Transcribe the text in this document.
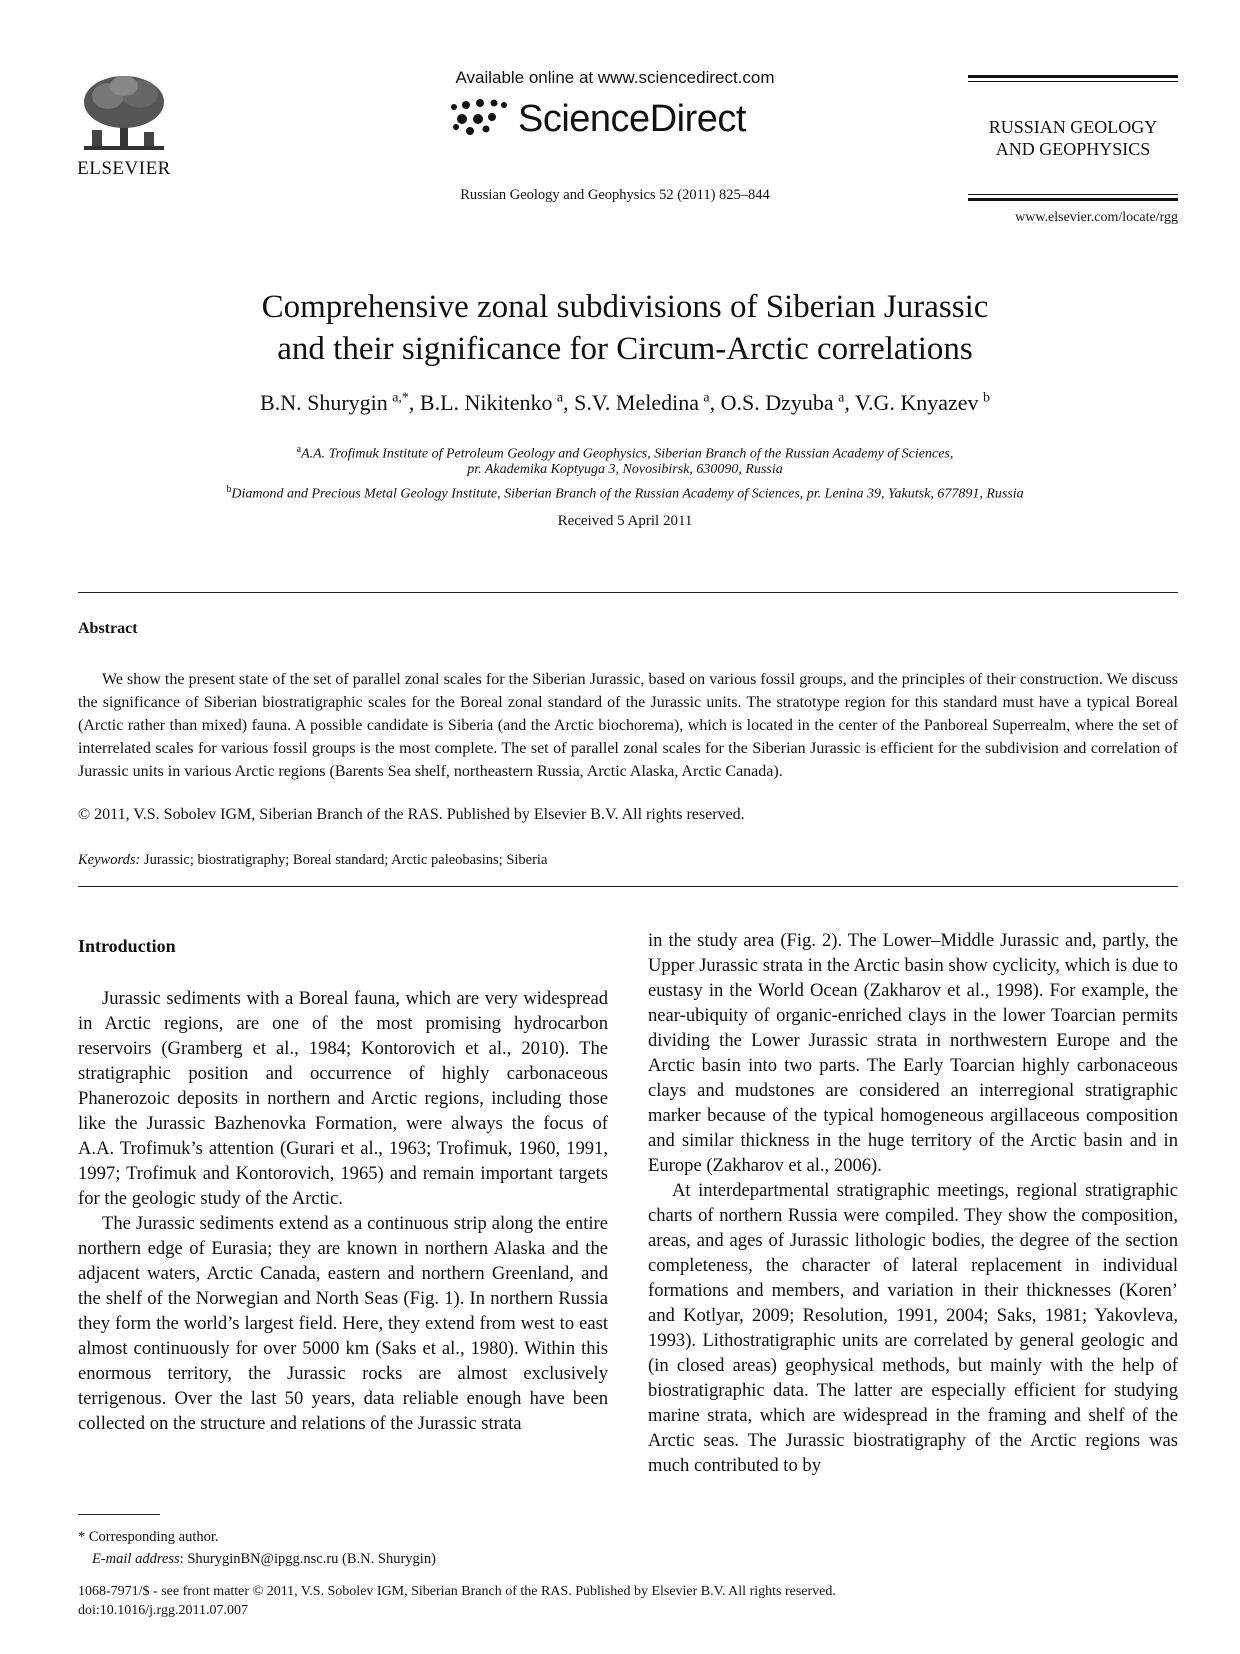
ELSEVIER
Available online at www.sciencedirect.com
ScienceDirect
Russian Geology and Geophysics 52 (2011) 825–844
RUSSIAN GEOLOGY
AND GEOPHYSICS
www.elsevier.com/locate/rgg
Comprehensive zonal subdivisions of Siberian Jurassic
and their significance for Circum-Arctic correlations
B.N. Shurygin  $^{a,*}$, B.L. Nikitenko  $^a$, S.V. Meledina  $^a$, O.S. Dzyuba  $^a$, V.G. Knyazev  $^b$
$^a$A.A. Trofimuk Institute of Petroleum Geology and Geophysics, Siberian Branch of the Russian Academy of Sciences,
pr. Akademika Koptyuga 3, Novosibirsk, 630090, Russia
$^b$Diamond and Precious Metal Geology Institute, Siberian Branch of the Russian Academy of Sciences, pr. Lenina 39, Yakutsk, 677891, Russia
Received 5 April 2011
Abstract
We show the present state of the set of parallel zonal scales for the Siberian Jurassic, based on various fossil groups, and the principles of their construction. We discuss the significance of Siberian biostratigraphic scales for the Boreal zonal standard of the Jurassic units. The stratotype region for this standard must have a typical Boreal (Arctic rather than mixed) fauna. A possible candidate is Siberia (and the Arctic biochorema), which is located in the center of the Panboreal Superrealm, where the set of interrelated scales for various fossil groups is the most complete. The set of parallel zonal scales for the Siberian Jurassic is efficient for the subdivision and correlation of Jurassic units in various Arctic regions (Barents Sea shelf, northeastern Russia, Arctic Alaska, Arctic Canada).
© 2011, V.S. Sobolev IGM, Siberian Branch of the RAS. Published by Elsevier B.V. All rights reserved.
Keywords: Jurassic; biostratigraphy; Boreal standard; Arctic paleobasins; Siberia
Introduction

Jurassic sediments with a Boreal fauna, which are very widespread in Arctic regions, are one of the most promising hydrocarbon reservoirs (Gramberg et al., 1984; Kontorovich et al., 2010). The stratigraphic position and occurrence of highly carbonaceous Phanerozoic deposits in northern and Arctic regions, including those like the Jurassic Bazhenovka Formation, were always the focus of A.A. Trofimuk’s attention (Gurari et al., 1963; Trofimuk, 1960, 1991, 1997; Trofimuk and Kontorovich, 1965) and remain important targets for the geologic study of the Arctic.

The Jurassic sediments extend as a continuous strip along the entire northern edge of Eurasia; they are known in northern Alaska and the adjacent waters, Arctic Canada, eastern and northern Greenland, and the shelf of the Norwegian and North Seas (Fig. 1). In northern Russia they form the world’s largest field. Here, they extend from west to east almost continuously for over 5000 km (Saks et al., 1980). Within this enormous territory, the Jurassic rocks are almost exclusively terrigenous. Over the last 50 years, data reliable enough have been collected on the structure and relations of the Jurassic strata

in the study area (Fig. 2). The Lower–Middle Jurassic and, partly, the Upper Jurassic strata in the Arctic basin show cyclicity, which is due to eustasy in the World Ocean (Zakharov et al., 1998). For example, the near-ubiquity of organic-enriched clays in the lower Toarcian permits dividing the Lower Jurassic strata in northwestern Europe and the Arctic basin into two parts. The Early Toarcian highly carbonaceous clays and mudstones are considered an interregional stratigraphic marker because of the typical homogeneous argillaceous composition and similar thickness in the huge territory of the Arctic basin and in Europe (Zakharov et al., 2006).

At interdepartmental stratigraphic meetings, regional stratigraphic charts of northern Russia were compiled. They show the composition, areas, and ages of Jurassic lithologic bodies, the degree of the section completeness, the character of lateral replacement in individual formations and members, and variation in their thicknesses (Koren’ and Kotlyar, 2009; Resolution, 1991, 2004; Saks, 1981; Yakovleva, 1993). Lithostratigraphic units are correlated by general geologic and (in closed areas) geophysical methods, but mainly with the help of biostratigraphic data. The latter are especially efficient for studying marine strata, which are widespread in the framing and shelf of the Arctic seas. The Jurassic biostratigraphy of the Arctic regions was much contributed to by

* Corresponding author.
E-mail address: ShuryginBN@ipgg.nsc.ru (B.N. Shurygin)
1068-7971/$ - see front matter © 2011, V.S. Sobolev IGM, Siberian Branch of the RAS. Published by Elsevier B.V. All rights reserved.
doi:10.1016/j.rgg.2011.07.007
